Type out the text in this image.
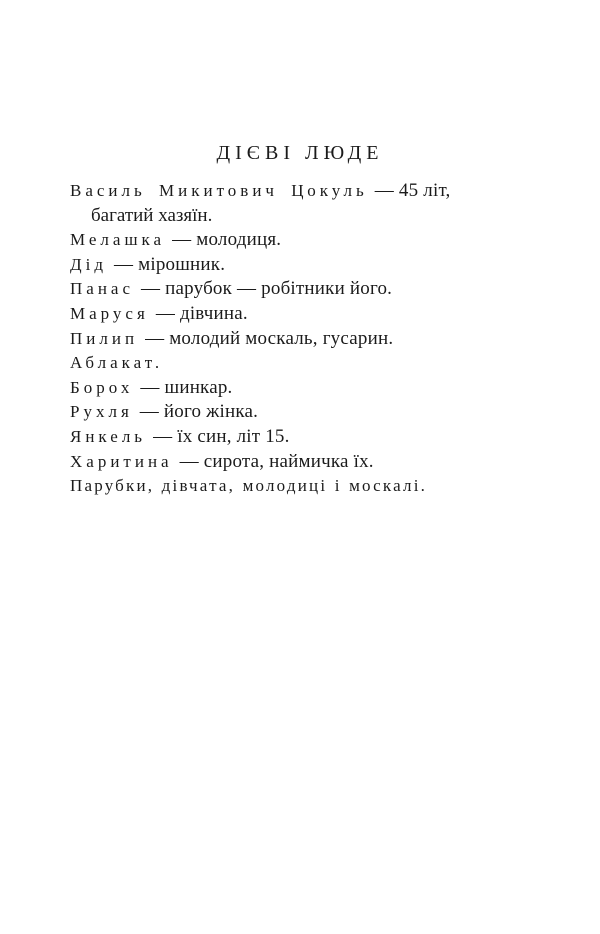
ДІЄВІ ЛЮДЕ
Василь Микитович Цокуль — 45 літ,
багатий хазяїн.
Мелашка — молодиця.
Дід — мірошник.
Панас — парубок — робітники його.
Маруся — дівчина.
Пилип — молодий москаль, гусарин.
Аблакат.
Борох — шинкар.
Рухля — його жінка.
Янкель — їх син, літ 15.
Харитина — сирота, наймичка їх.
Парубки, дівчата, молодиці і москалі.
